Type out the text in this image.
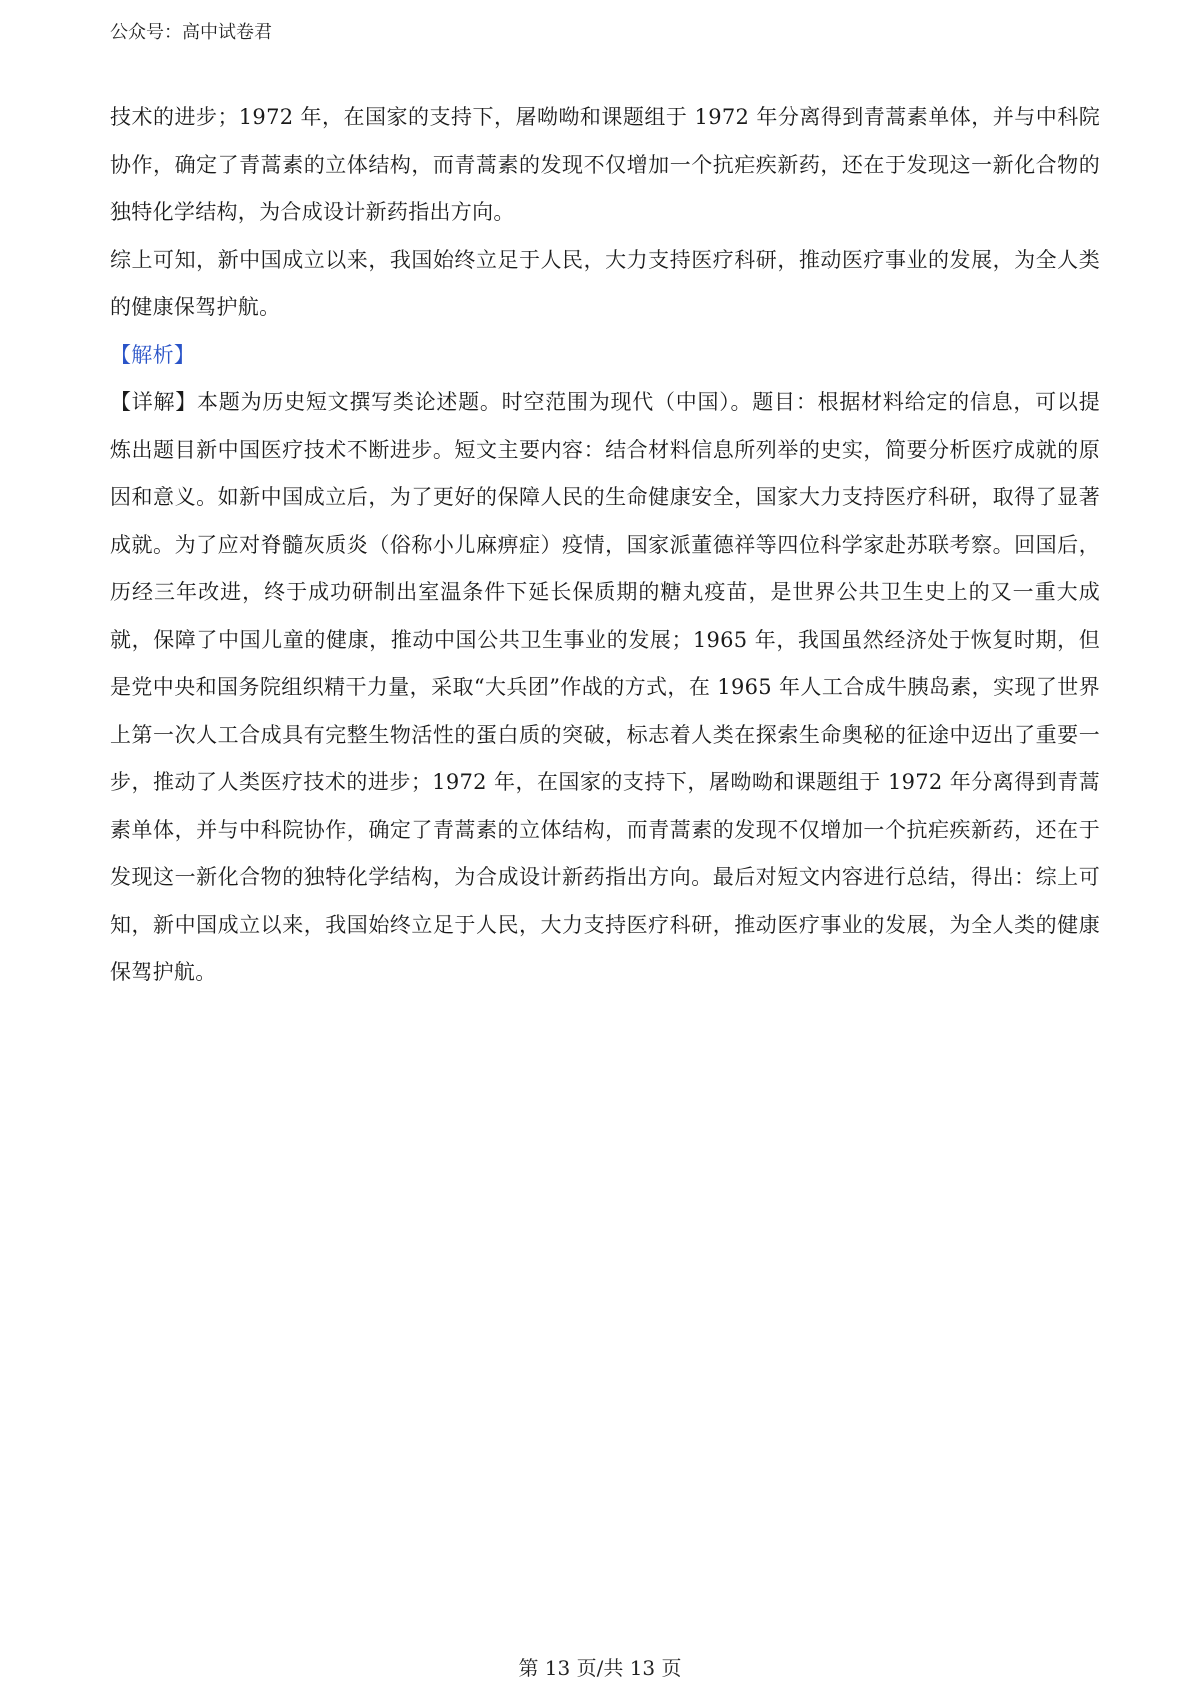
公众号：高中试卷君

技术的进步；1972 年，在国家的支持下，屠呦呦和课题组于 1972 年分离得到青蒿素单体，并与中科院协作，确定了青蒿素的立体结构，而青蒿素的发现不仅增加一个抗疟疾新药，还在于发现这一新化合物的独特化学结构，为合成设计新药指出方向。

综上可知，新中国成立以来，我国始终立足于人民，大力支持医疗科研，推动医疗事业的发展，为全人类的健康保驾护航。

【解析】

【详解】本题为历史短文撰写类论述题。时空范围为现代（中国）。题目：根据材料给定的信息，可以提炼出题目新中国医疗技术不断进步。短文主要内容：结合材料信息所列举的史实，简要分析医疗成就的原因和意义。如新中国成立后，为了更好的保障人民的生命健康安全，国家大力支持医疗科研，取得了显著成就。为了应对脊髓灰质炎（俗称小儿麻痹症）疫情，国家派董德祥等四位科学家赴苏联考察。回国后，历经三年改进，终于成功研制出室温条件下延长保质期的糖丸疫苗，是世界公共卫生史上的又一重大成就，保障了中国儿童的健康，推动中国公共卫生事业的发展；1965 年，我国虽然经济处于恢复时期，但是党中央和国务院组织精干力量，采取“大兵团”作战的方式，在 1965 年人工合成牛胰岛素，实现了世界上第一次人工合成具有完整生物活性的蛋白质的突破，标志着人类在探索生命奥秘的征途中迈出了重要一步，推动了人类医疗技术的进步；1972 年，在国家的支持下，屠呦呦和课题组于 1972 年分离得到青蒿素单体，并与中科院协作，确定了青蒿素的立体结构，而青蒿素的发现不仅增加一个抗疟疾新药，还在于发现这一新化合物的独特化学结构，为合成设计新药指出方向。最后对短文内容进行总结，得出：综上可知，新中国成立以来，我国始终立足于人民，大力支持医疗科研，推动医疗事业的发展，为全人类的健康保驾护航。

第 13 页/共 13 页
